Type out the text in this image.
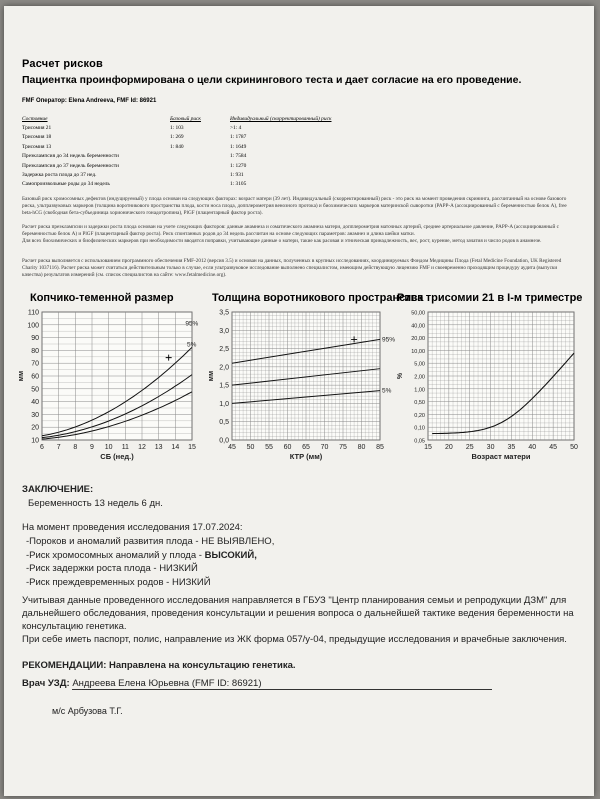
Расчет рисков
Пациентка проинформирована о цели скринингового теста и дает согласие на его проведение.
FMF Оператор: Elena Andreeva, FMF Id: 86921
Состояние	Базовый риск	Индивидуальный (скорректированный) риск
Трисомия 21	1: 103	>1: 4
Трисомия 18	1: 269	1: 1787
Трисомия 13	1: 840	1: 1649
Преэклампсия до 34 недель беременности	1: 7584
Преэклампсия до 37 недель беременности	1: 1270
Задержка роста плода до 37 нед.	1: 931
Самопроизвольные роды до 34 недель	1: 3105
Базовый риск хромосомных дефектов (индуцируемый) у плода основан на следующих факторах: возраст матери (39 лет). Индивидуальный (скорректированный) риск - это риск на момент проведения скрининга, рассчитанный на основе базового риска, ультразвуковых маркеров (толщина воротникового пространства плода, кости носа плода, допплерометрия венозного протока) и биохимических маркеров материнской сыворотки (PAPP-A (ассоциированный с беременностью белок А), free beta-hCG (свободная бета-субъединица хорионического гонадотропина), PlGF (плацентарный фактор роста).
Расчет риска преэклампсии и задержки роста плода основан на учете следующих факторов: данные анамнеза и соматического анамнеза матери, допплерометрия маточных артерий, среднее артериальное давление, PAPP-A (ассоциированный с беременностью белок А) и PlGF (плацентарный фактор роста). Риск спонтанных родов до 34 недель рассчитан на основе следующих параметров: анамнез и длина шейки матки.
Для всех биохимических и биофизических маркеров при необходимости вводятся поправки, учитывающие данные о матери, такие как расовая и этническая принадлежность, вес, рост, курение, метод зачатия и число родов в анамнезе.
Расчет риска выполняется с использованием программного обеспечения FMF-2012 (версия 3.5) и основан на данных, полученных в крупных исследованиях, координируемых Фондом Медицины Плода (Fetal Medicine Foundation, UK Registered Charity 1037116). Расчет риска может считаться действительным только в случае, если ультразвуковое исследование выполнено специалистом, имеющим действующую лицензию FMF и своевременно проходящим процедуру аудита (выпуски качества) результатов измерений (см. список специалистов на сайте: www.fetalmedicine.org).
Копчико-теменной размер
6 7 8 9 10 11 12 13 14 15
10
20
30
40
50
60
70
80
90
100
110
СБ (нед.)
мм
95%
5%
Толщина воротникового пространства
45 50 55 60 65 70 75 80 85
0,0
0,5
1,0
1,5
2,0
2,5
3,0
3,5
КТР (мм)
мм
95%
5%
Риск трисомии 21 в I-м триместре
15 20 25 30 35 40 45 50
50,00
40,00
20,00
10,00
5,00
2,00
1,00
0,50
0,20
0,10
0,05
Возраст матери
%
ЗАКЛЮЧЕНИЕ:
Беременность 13 недель 6 дн.
На момент проведения исследования 17.07.2024:
-Пороков и аномалий развития плода - НЕ ВЫЯВЛЕНО,
-Риск хромосомных аномалий у плода - ВЫСОКИЙ,
-Риск задержки роста плода - НИЗКИЙ
-Риск преждевременных родов - НИЗКИЙ
Учитывая данные проведенного исследования направляется в ГБУЗ "Центр планирования семьи и репродукции ДЗМ" для дальнейшего обследования, проведения консультации и решения вопроса о дальнейшей тактике ведения беременности на консультацию генетика.
При себе иметь паспорт, полис, направление из ЖК форма 057/у-04, предыдущие исследования и врачебные заключения.
РЕКОМЕНДАЦИИ: Направлена на консультацию генетика.
Врач УЗД: Андреева Елена Юрьевна (FMF ID: 86921)
м/с Арбузова Т.Г.
